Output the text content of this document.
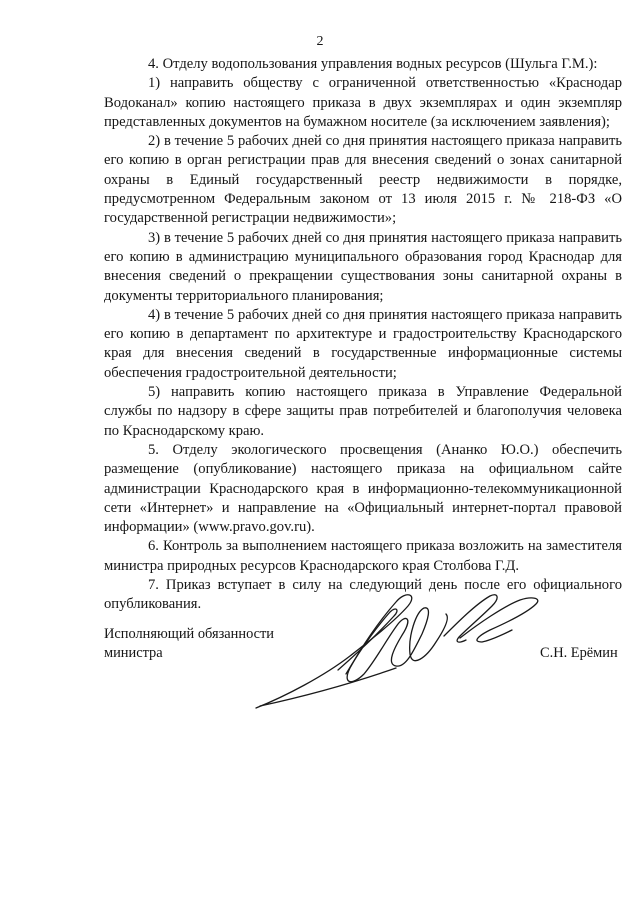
2

4. Отделу водопользования управления водных ресурсов (Шульга Г.М.):

1) направить обществу с ограниченной ответственностью «Краснодар Водоканал» копию настоящего приказа в двух экземплярах и один экземпляр представленных документов на бумажном носителе (за исключением заявления);

2) в течение 5 рабочих дней со дня принятия настоящего приказа направить его копию в орган регистрации прав для внесения сведений о зонах санитарной охраны в Единый государственный реестр недвижимости в порядке, предусмотренном Федеральным законом от 13 июля 2015 г. № 218-ФЗ «О государственной регистрации недвижимости»;

3) в течение 5 рабочих дней со дня принятия настоящего приказа направить его копию в администрацию муниципального образования город Краснодар для внесения сведений о прекращении существования зоны санитарной охраны в документы территориального планирования;

4) в течение 5 рабочих дней со дня принятия настоящего приказа направить его копию в департамент по архитектуре и градостроительству Краснодарского края для внесения сведений в государственные информационные системы обеспечения градостроительной деятельности;

5) направить копию настоящего приказа в Управление Федеральной службы по надзору в сфере защиты прав потребителей и благополучия человека по Краснодарскому краю.

5. Отделу экологического просвещения (Ананко Ю.О.) обеспечить размещение (опубликование) настоящего приказа на официальном сайте администрации Краснодарского края в информационно-телекоммуникационной сети «Интернет» и направление на «Официальный интернет-портал правовой информации» (www.pravo.gov.ru).

6. Контроль за выполнением настоящего приказа возложить на заместителя министра природных ресурсов Краснодарского края Столбова Г.Д.

7. Приказ вступает в силу на следующий день после его официального опубликования.

Исполняющий обязанности
министра	С.Н. Ерёмин
